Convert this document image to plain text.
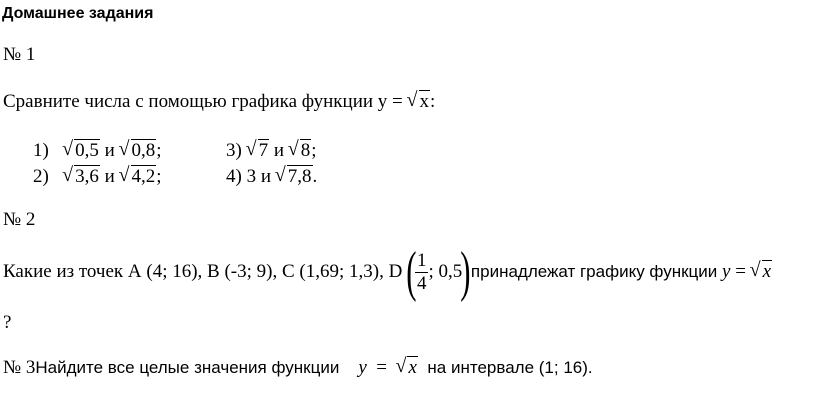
Домашнее задания
№ 1
Сравните числа с помощью графика функции y = √ x:
1) √ 0,5 и √ 0,8;
2) √ 3,6 и √ 4,2;
3) √ 7 и √ 8;
4) 3 и √ 7,8.
№ 2
Какие из точек А (4; 16), В (-3; 9), С (1,69; 1,3), D (
$\frac{1}{4}$ ; 0,5
) принадлежат графику функции
y
=
√ x
?
№ 3Найдите все целые значения функции y = √ x на интервале (1; 16).
